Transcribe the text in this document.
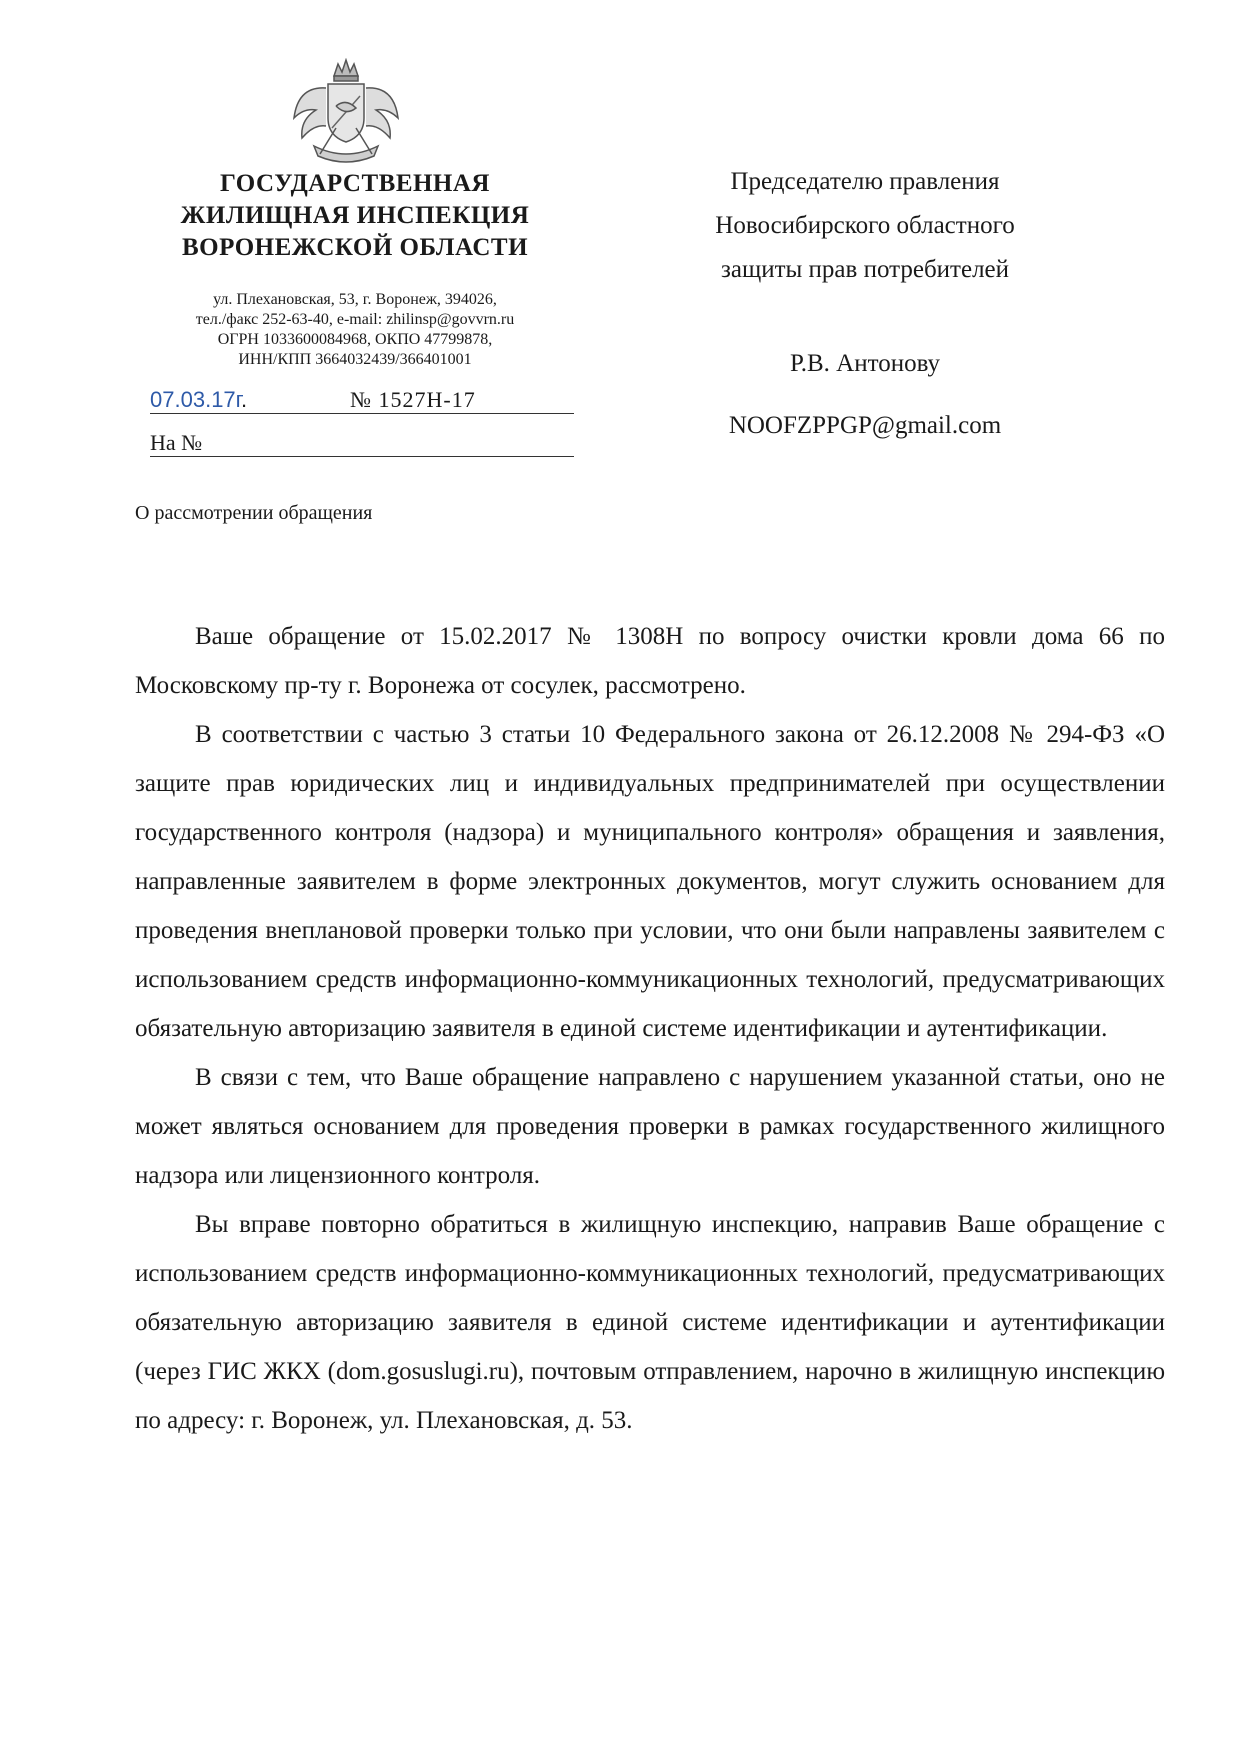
ГОСУДАРСТВЕННАЯ
ЖИЛИЩНАЯ ИНСПЕКЦИЯ
ВОРОНЕЖСКОЙ ОБЛАСТИ
ул. Плехановская, 53, г. Воронеж, 394026,
тел./факс 252-63-40, e-mail: zhilinsp@govvrn.ru
ОГРН 1033600084968, ОКПО 47799878,
ИНН/КПП 3664032439/366401001
07.03.17г.	№ 1527Н-17
На №
О рассмотрении обращения
Председателю правления
Новосибирского областного
защиты прав потребителей
Р.В. Антонову
NOOFZPPGP@gmail.com

Ваше обращение от 15.02.2017 № 1308Н по вопросу очистки кровли дома 66 по Московскому пр-ту г. Воронежа от сосулек, рассмотрено.

В соответствии с частью 3 статьи 10 Федерального закона от 26.12.2008 № 294-ФЗ «О защите прав юридических лиц и индивидуальных предпринимателей при осуществлении государственного контроля (надзора) и муниципального контроля» обращения и заявления, направленные заявителем в форме электронных документов, могут служить основанием для проведения внеплановой проверки только при условии, что они были направлены заявителем с использованием средств информационно-коммуникационных технологий, предусматривающих обязательную авторизацию заявителя в единой системе идентификации и аутентификации.

В связи с тем, что Ваше обращение направлено с нарушением указанной статьи, оно не может являться основанием для проведения проверки в рамках государственного жилищного надзора или лицензионного контроля.

Вы вправе повторно обратиться в жилищную инспекцию, направив Ваше обращение с использованием средств информационно-коммуникационных технологий, предусматривающих обязательную авторизацию заявителя в единой системе идентификации и аутентификации (через ГИС ЖКХ (dom.gosuslugi.ru), почтовым отправлением, нарочно в жилищную инспекцию по адресу: г. Воронеж, ул. Плехановская, д. 53.
